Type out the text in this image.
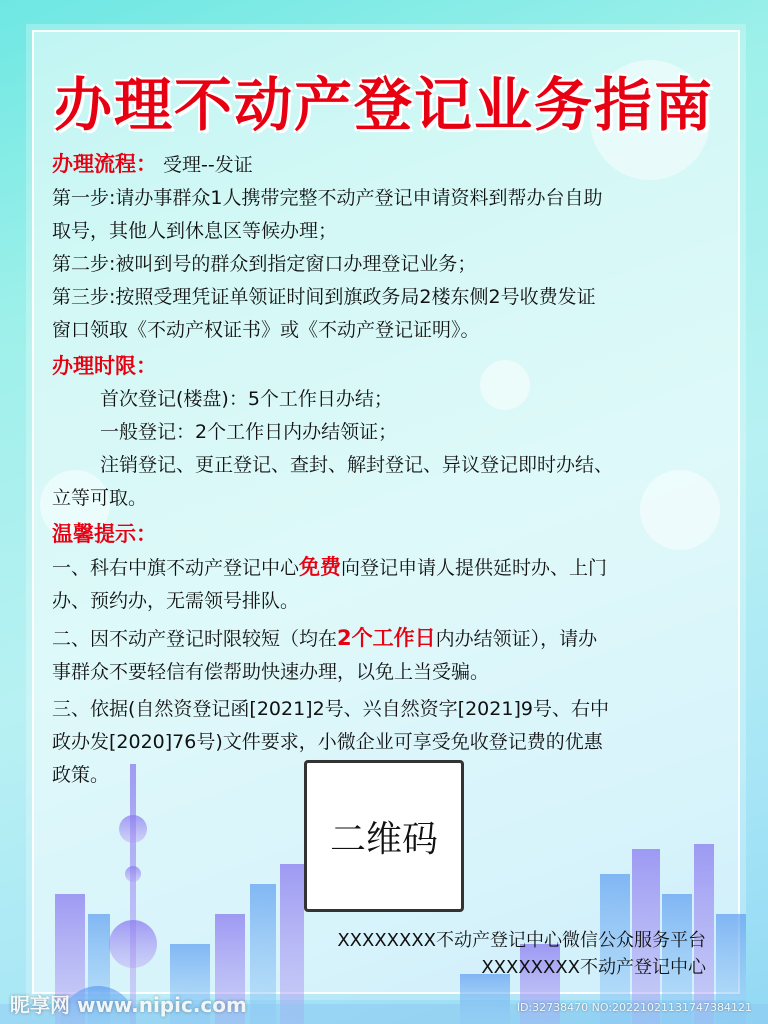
办理不动产登记业务指南
办理流程： 受理--发证
第一步:请办事群众1人携带完整不动产登记申请资料到帮办台自助
取号，其他人到休息区等候办理；
第二步:被叫到号的群众到指定窗口办理登记业务；
第三步:按照受理凭证单领证时间到旗政务局2楼东侧2号收费发证
窗口领取《不动产权证书》或《不动产登记证明》。
办理时限：
首次登记(楼盘)：5个工作日办结；
一般登记：2个工作日内办结领证；
注销登记、更正登记、查封、解封登记、异议登记即时办结、
立等可取。
温馨提示：
一、科右中旗不动产登记中心免费向登记申请人提供延时办、上门
办、预约办，无需领号排队。
二、因不动产登记时限较短（均在2个工作日内办结领证），请办
事群众不要轻信有偿帮助快速办理，以免上当受骗。
三、依据(自然资登记函[2021]2号、兴自然资字[2021]9号、右中
政办发[2020]76号)文件要求，小微企业可享受免收登记费的优惠
政策。
二维码
XXXXXXXX不动产登记中心微信公众服务平台
XXXXXXXX不动产登记中心
昵享网 www.nipic.com	ID:32738470 NO:20221021131747384121
